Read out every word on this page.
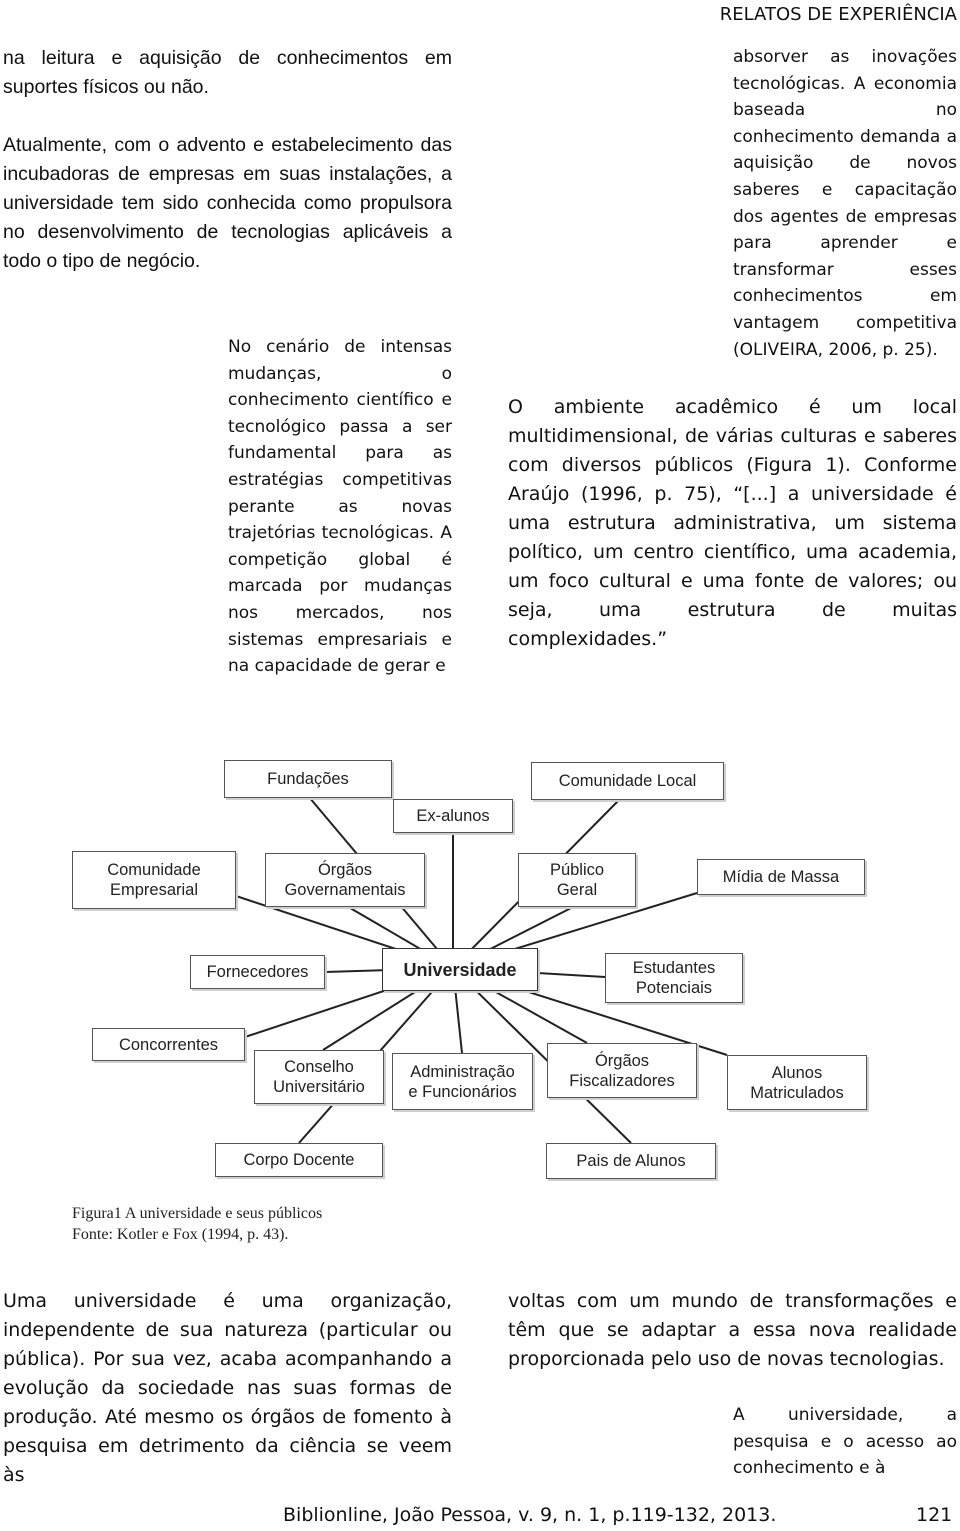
RELATOS DE EXPERIÊNCIA
na leitura e aquisição de conhecimentos em suportes físicos ou não.
Atualmente, com o advento e estabelecimento das incubadoras de empresas em suas instalações, a universidade tem sido conhecida como propulsora no desenvolvimento de tecnologias aplicáveis a todo o tipo de negócio.
No cenário de intensas mudanças, o conhecimento científico e tecnológico passa a ser fundamental para as estratégias competitivas perante as novas trajetórias tecnológicas. A competição global é marcada por mudanças nos mercados, nos sistemas empresariais e na capacidade de gerar e
absorver as inovações tecnológicas. A economia baseada no conhecimento demanda a aquisição de novos saberes e capacitação dos agentes de empresas para aprender e transformar esses conhecimentos em vantagem competitiva (OLIVEIRA, 2006, p. 25).
O ambiente acadêmico é um local multidimensional, de várias culturas e saberes com diversos públicos (Figura 1). Conforme Araújo (1996, p. 75), “[...] a universidade é uma estrutura administrativa, um sistema político, um centro científico, uma academia, um foco cultural e uma fonte de valores; ou seja, uma estrutura de muitas complexidades.”
Fundações	Comunidade Local
Ex-alunos
Comunidade
Empresarial
Órgãos
Governamentais
Público
Geral
Mídia de Massa
Fornecedores	Universidade	Estudantes
Potenciais
Concorrentes
Conselho
Universitário
Administração
e Funcionários
Órgãos
Fiscalizadores	Alunos
Matriculados
Corpo Docente	Pais de Alunos
Figura1 A universidade e seus públicos
Fonte: Kotler e Fox (1994, p. 43).
Uma universidade é uma organização, independente de sua natureza (particular ou pública). Por sua vez, acaba acompanhando a evolução da sociedade nas suas formas de produção. Até mesmo os órgãos de fomento à pesquisa em detrimento da ciência se veem às
voltas com um mundo de transformações e têm que se adaptar a essa nova realidade proporcionada pelo uso de novas tecnologias.
A universidade, a pesquisa e o acesso ao conhecimento e à
Biblionline, João Pessoa, v. 9, n. 1, p.119-132, 2013.	121
